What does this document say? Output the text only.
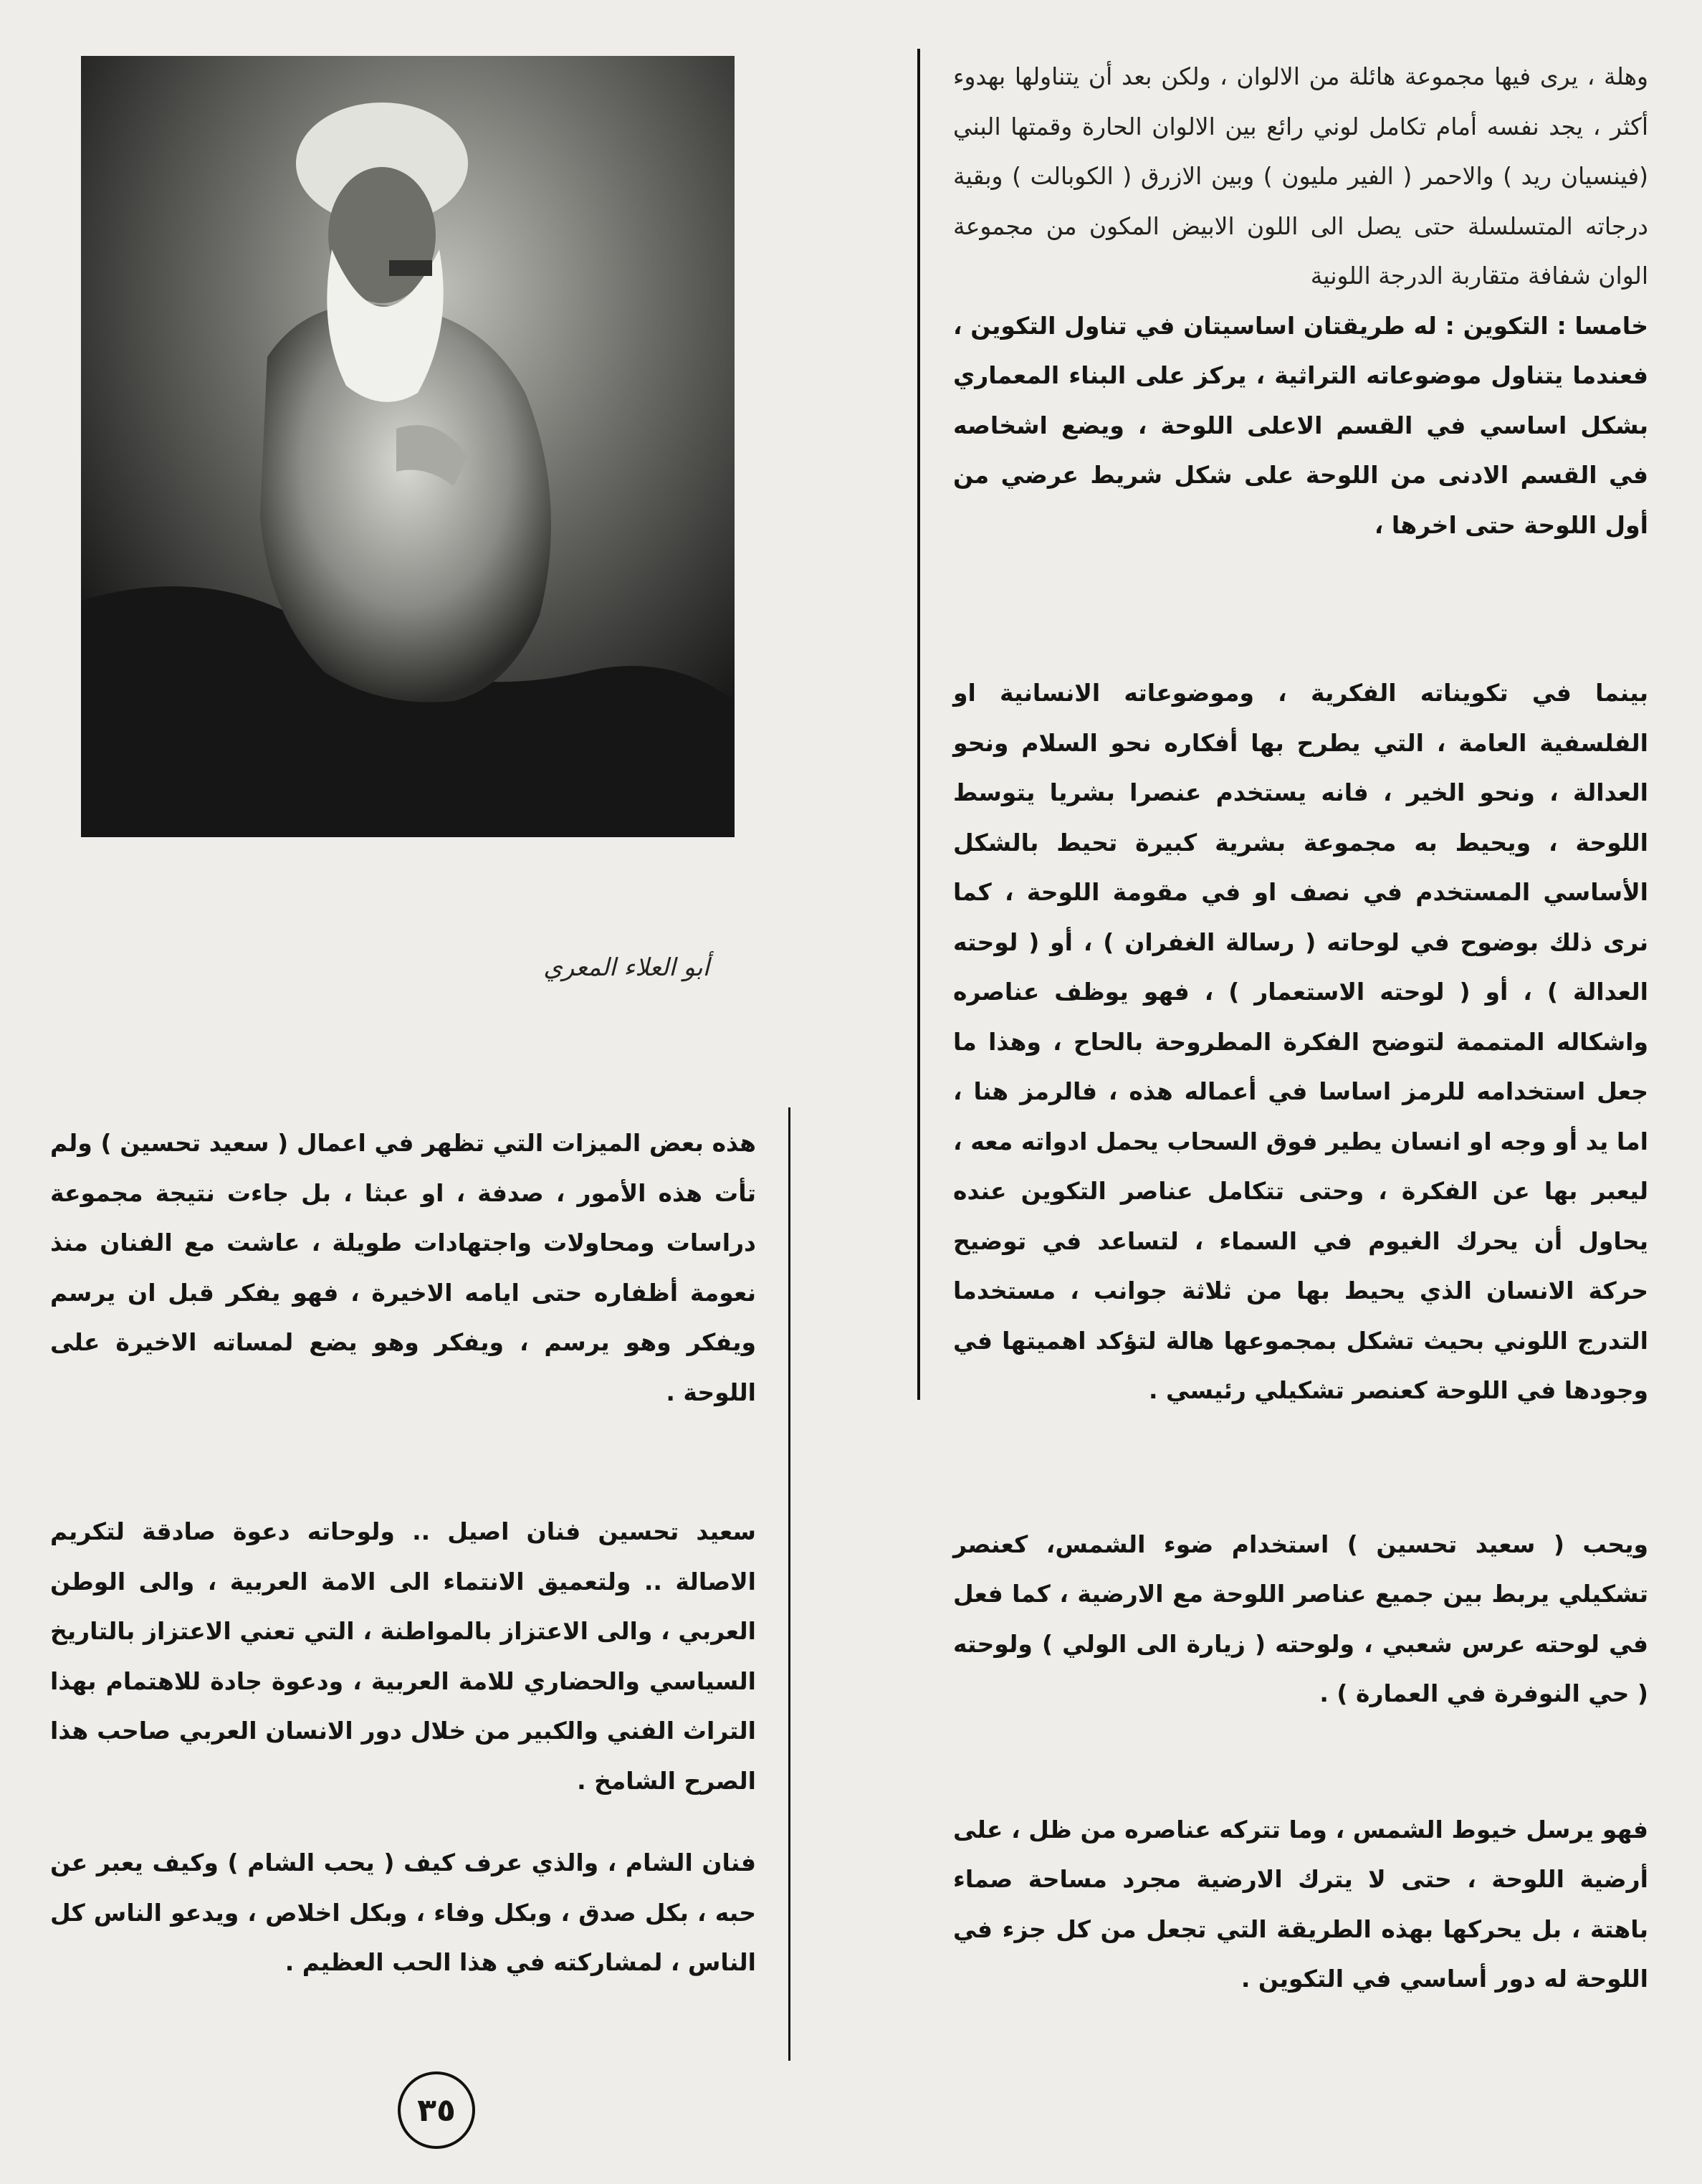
أبو العلاء المعري

وهلة ، يرى فيها مجموعة هائلة من الالوان ، ولكن بعد أن يتناولها بهدوء أكثر ، يجد نفسه أمام تكامل لوني رائع بين الالوان الحارة وقمتها البني (فينسيان ريد ) والاحمر ( الفير مليون ) وبين الازرق ( الكوبالت ) وبقية درجاته المتسلسلة حتى يصل الى اللون الابيض المكون من مجموعة الوان شفافة متقاربة الدرجة اللونية

خامسا : التكوين : له طريقتان اساسيتان في تناول التكوين ، فعندما يتناول موضوعاته التراثية ، يركز على البناء المعماري بشكل اساسي في القسم الاعلى اللوحة ، ويضع اشخاصه في القسم الادنى من اللوحة على شكل شريط عرضي من أول اللوحة حتى اخرها ،

بينما في تكويناته الفكرية ، وموضوعاته الانسانية او الفلسفية العامة ، التي يطرح بها أفكاره نحو السلام ونحو العدالة ، ونحو الخير ، فانه يستخدم عنصرا بشريا يتوسط اللوحة ، ويحيط به مجموعة بشرية كبيرة تحيط بالشكل الأساسي المستخدم في نصف او في مقومة اللوحة ، كما نرى ذلك بوضوح في لوحاته ( رسالة الغفران ) ، أو ( لوحته العدالة ) ، أو ( لوحته الاستعمار ) ، فهو يوظف عناصره واشكاله المتممة لتوضح الفكرة المطروحة بالحاح ، وهذا ما جعل استخدامه للرمز اساسا في أعماله هذه ، فالرمز هنا ، اما يد أو وجه او انسان يطير فوق السحاب يحمل ادواته معه ، ليعبر بها عن الفكرة ، وحتى تتكامل عناصر التكوين عنده يحاول أن يحرك الغيوم في السماء ، لتساعد في توضيح حركة الانسان الذي يحيط بها من ثلاثة جوانب ، مستخدما التدرج اللوني بحيث تشكل بمجموعها هالة لتؤكد اهميتها في وجودها في اللوحة كعنصر تشكيلي رئيسي .

ويحب ( سعيد تحسين ) استخدام ضوء الشمس، كعنصر تشكيلي يربط بين جميع عناصر اللوحة مع الارضية ، كما فعل في لوحته عرس شعبي ، ولوحته ( زيارة الى الولي ) ولوحته ( حي النوفرة في العمارة ) .

فهو يرسل خيوط الشمس ، وما تتركه عناصره من ظل ، على أرضية اللوحة ، حتى لا يترك الارضية مجرد مساحة صماء باهتة ، بل يحركها بهذه الطريقة التي تجعل من كل جزء في اللوحة له دور أساسي في التكوين .

هذه بعض الميزات التي تظهر في اعمال ( سعيد تحسين ) ولم تأت هذه الأمور ، صدفة ، او عبثا ، بل جاءت نتيجة مجموعة دراسات ومحاولات واجتهادات طويلة ، عاشت مع الفنان منذ نعومة أظفاره حتى ايامه الاخيرة ، فهو يفكر قبل ان يرسم ويفكر وهو يرسم ، ويفكر وهو يضع لمساته الاخيرة على اللوحة .

سعيد تحسين فنان اصيل .. ولوحاته دعوة صادقة لتكريم الاصالة .. ولتعميق الانتماء الى الامة العربية ، والى الوطن العربي ، والى الاعتزاز بالمواطنة ، التي تعني الاعتزاز بالتاريخ السياسي والحضاري للامة العربية ، ودعوة جادة للاهتمام بهذا التراث الفني والكبير من خلال دور الانسان العربي صاحب هذا الصرح الشامخ .

فنان الشام ، والذي عرف كيف ( يحب الشام ) وكيف يعبر عن حبه ، بكل صدق ، وبكل وفاء ، وبكل اخلاص ، ويدعو الناس كل الناس ، لمشاركته في هذا الحب العظيم .

٣٥
